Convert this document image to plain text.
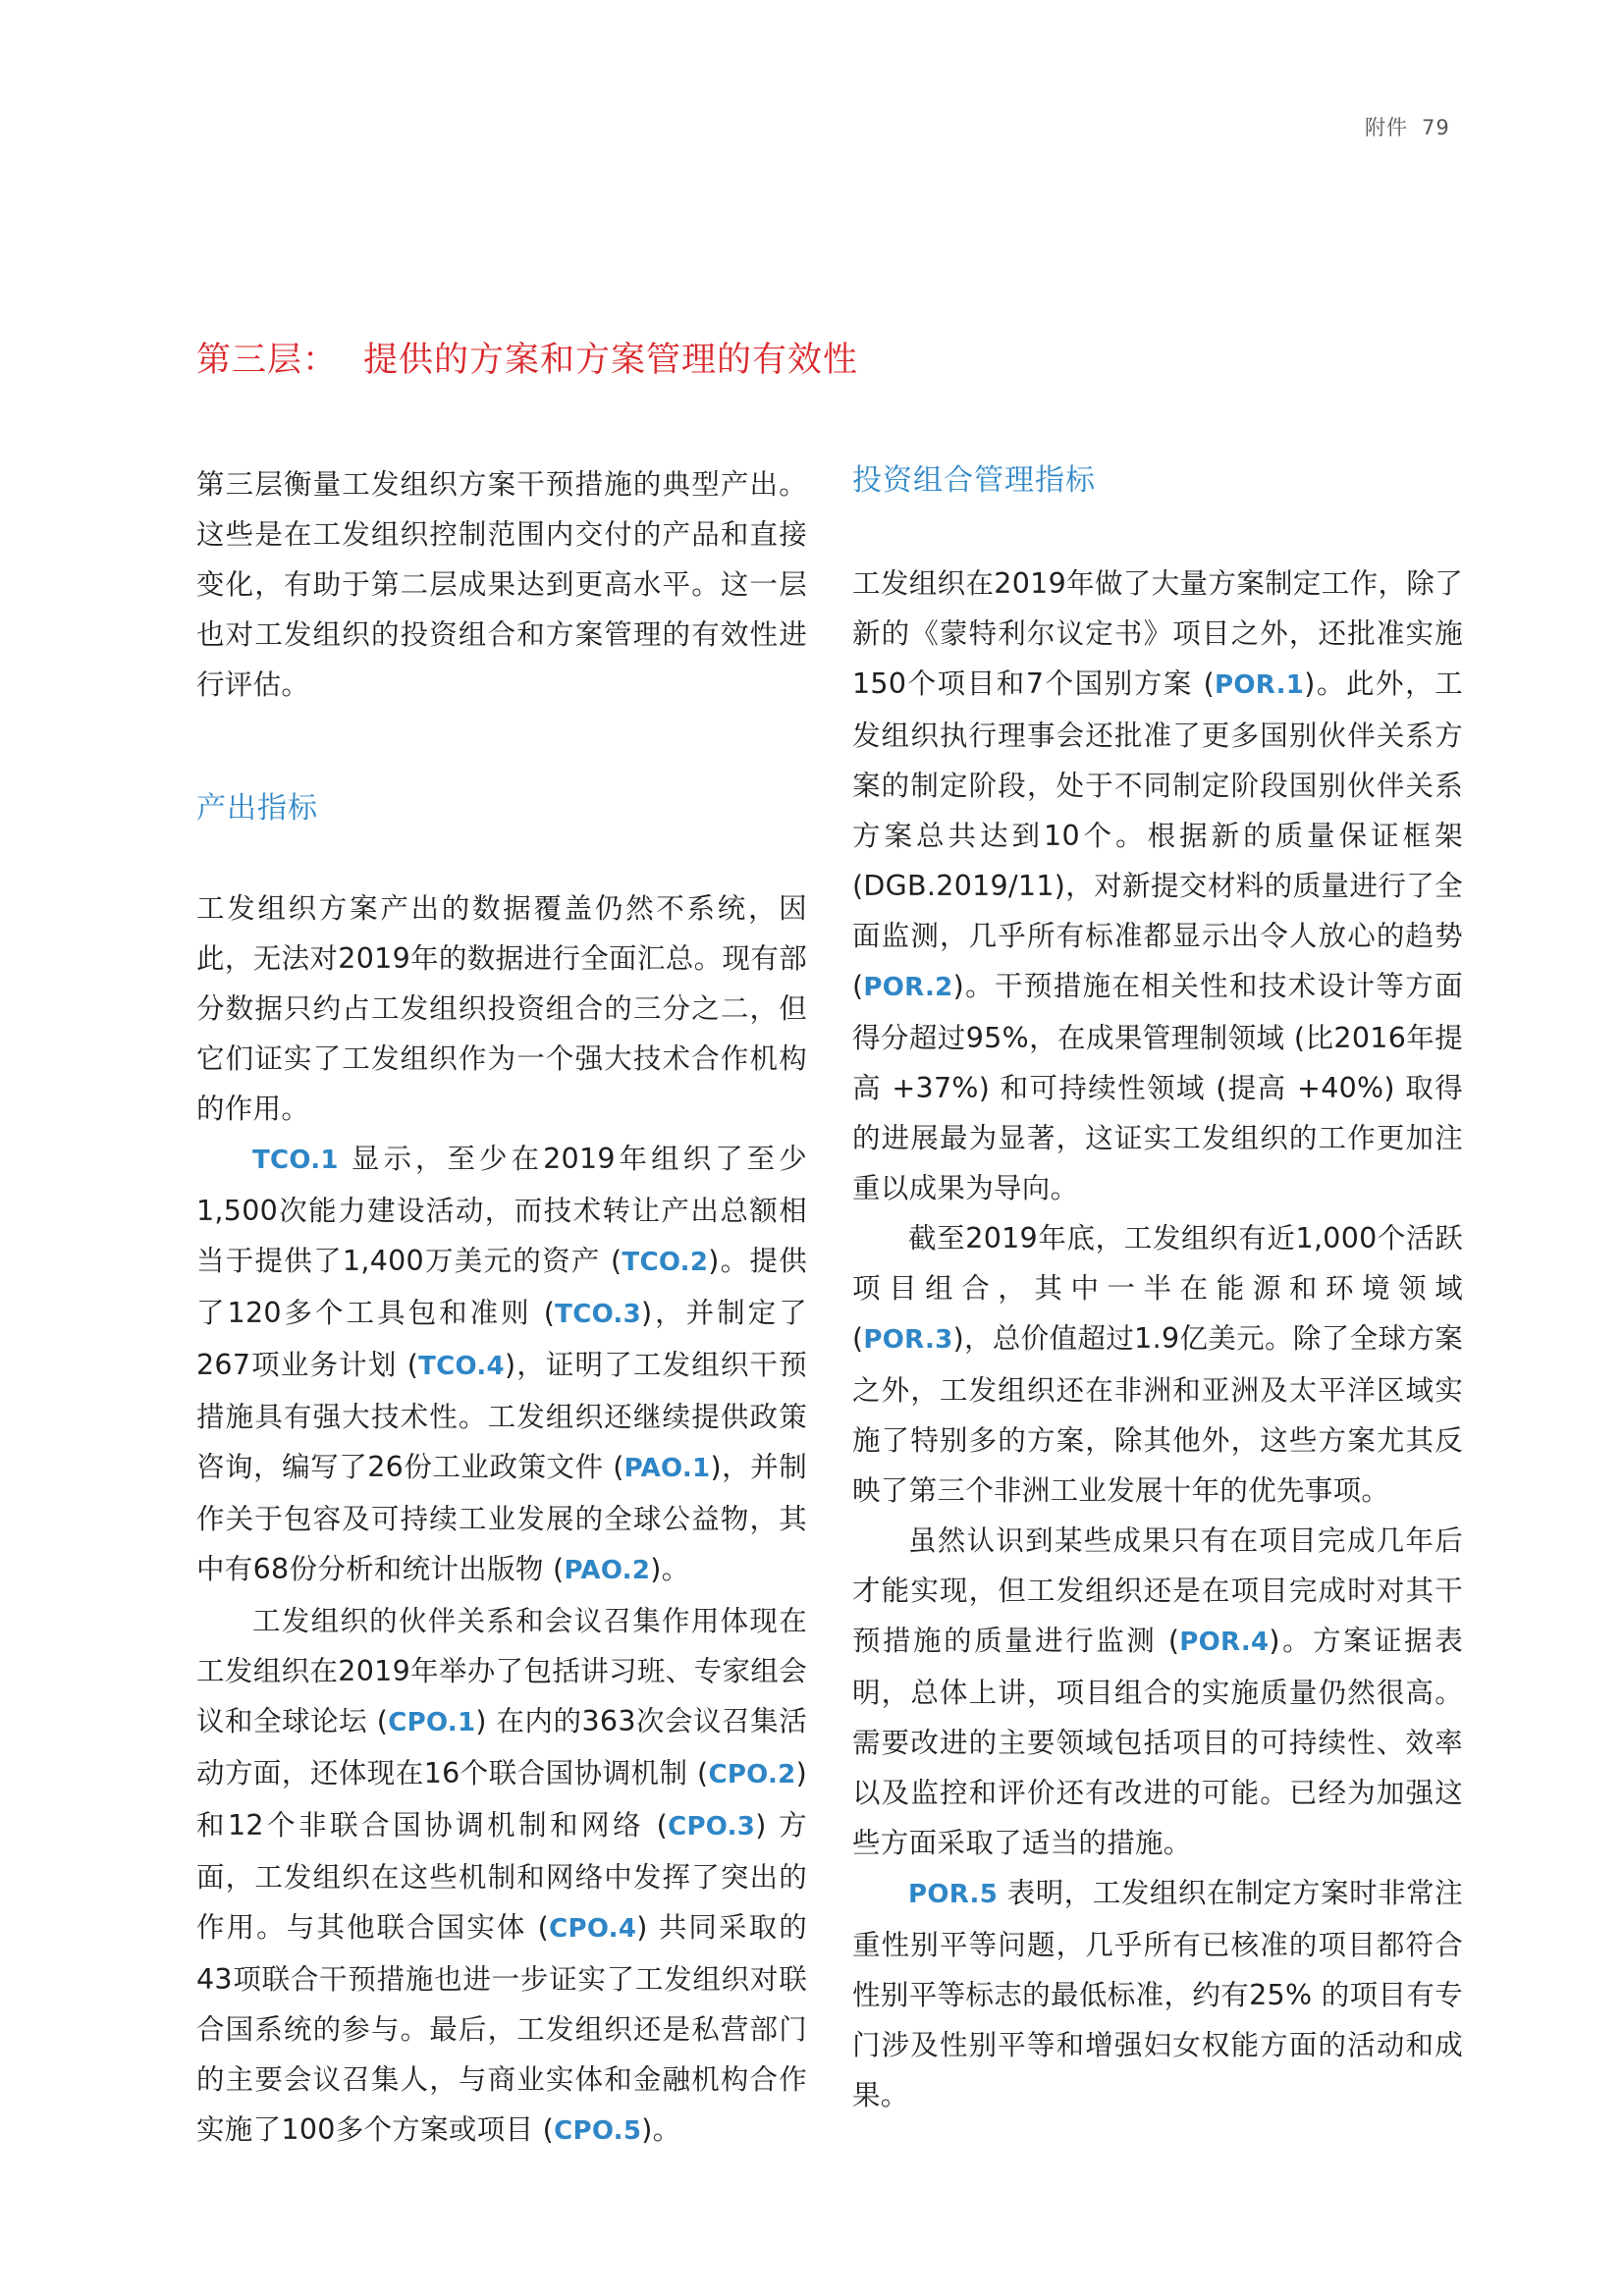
附件 79
第三层： 提供的方案和方案管理的有效性

第三层衡量工发组织方案干预措施的典型产出。这些是在工发组织控制范围内交付的产品和直接变化，有助于第二层成果达到更高水平。这一层也对工发组织的投资组合和方案管理的有效性进行评估。

产出指标

工发组织方案产出的数据覆盖仍然不系统，因此，无法对2019年的数据进行全面汇总。现有部分数据只约占工发组织投资组合的三分之二，但它们证实了工发组织作为一个强大技术合作机构的作用。

TCO.1 显示，至少在2019年组织了至少1,500次能力建设活动，而技术转让产出总额相当于提供了1,400万美元的资产 (TCO.2)。提供了120多个工具包和准则 (TCO.3)，并制定了267项业务计划 (TCO.4)，证明了工发组织干预措施具有强大技术性。工发组织还继续提供政策咨询，编写了26份工业政策文件 (PAO.1)，并制作关于包容及可持续工业发展的全球公益物，其中有68份分析和统计出版物 (PAO.2)。

工发组织的伙伴关系和会议召集作用体现在工发组织在2019年举办了包括讲习班、专家组会议和全球论坛 (CPO.1) 在内的363次会议召集活动方面，还体现在16个联合国协调机制 (CPO.2) 和12个非联合国协调机制和网络 (CPO.3) 方面，工发组织在这些机制和网络中发挥了突出的作用。与其他联合国实体 (CPO.4) 共同采取的43项联合干预措施也进一步证实了工发组织对联合国系统的参与。最后，工发组织还是私营部门的主要会议召集人，与商业实体和金融机构合作实施了100多个方案或项目 (CPO.5)。

投资组合管理指标

工发组织在2019年做了大量方案制定工作，除了新的《蒙特利尔议定书》项目之外，还批准实施150个项目和7个国别方案 (POR.1)。此外，工发组织执行理事会还批准了更多国别伙伴关系方案的制定阶段，处于不同制定阶段国别伙伴关系方案总共达到10个。根据新的质量保证框架 (DGB.2019/11)，对新提交材料的质量进行了全面监测，几乎所有标准都显示出令人放心的趋势 (POR.2)。干预措施在相关性和技术设计等方面得分超过95%，在成果管理制领域 (比2016年提高 +37%) 和可持续性领域 (提高 +40%) 取得的进展最为显著，这证实工发组织的工作更加注重以成果为导向。

截至2019年底，工发组织有近1,000个活跃项目组合，其中一半在能源和环境领域 (POR.3)，总价值超过1.9亿美元。除了全球方案之外，工发组织还在非洲和亚洲及太平洋区域实施了特别多的方案，除其他外，这些方案尤其反映了第三个非洲工业发展十年的优先事项。

虽然认识到某些成果只有在项目完成几年后才能实现，但工发组织还是在项目完成时对其干预措施的质量进行监测 (POR.4)。方案证据表明，总体上讲，项目组合的实施质量仍然很高。需要改进的主要领域包括项目的可持续性、效率以及监控和评价还有改进的可能。已经为加强这些方面采取了适当的措施。

POR.5 表明，工发组织在制定方案时非常注重性别平等问题，几乎所有已核准的项目都符合性别平等标志的最低标准，约有25% 的项目有专门涉及性别平等和增强妇女权能方面的活动和成果。
